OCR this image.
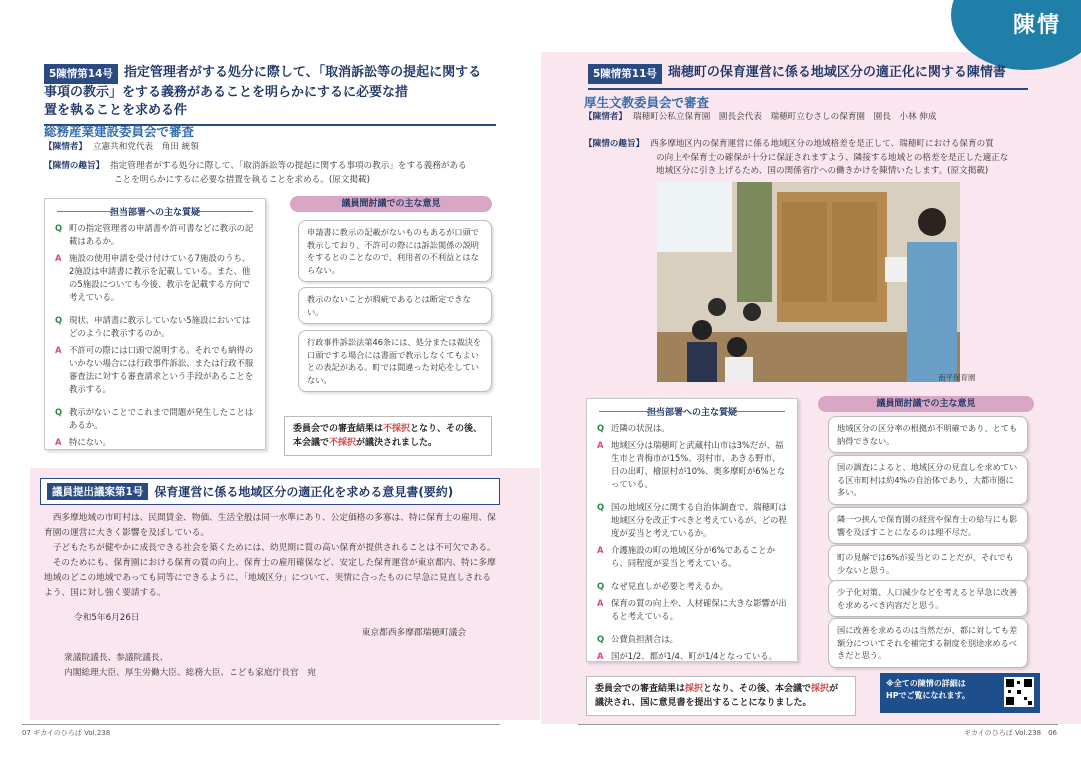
陳情
5陳情第14号 指定管理者がする処分に際して、「取消訴訟等の提起に関する
事項の教示」をする義務があることを明らかにするに必要な措
置を執ることを求める件
総務産業建設委員会で審査
【陳情者】 立憲共和党代表　角田 統領
【陳情の趣旨】 指定管理者がする処分に際して、「取消訴訟等の提起に関する事項の教示」をする義務がある
ことを明らかにするに必要な措置を執ることを求める。(原文掲載)
担当部署への主な質疑
Q 町の指定管理者の申請書や許可書などに教示の記載はあるか。
A 施設の使用申請を受け付けている7施設のうち、2施設は申請書に教示を記載している。また、他の5施設についても今後、教示を記載する方向で考えている。
Q 現状、申請書に教示していない5施設においてはどのように教示するのか。
A 不許可の際には口頭で説明する。それでも納得のいかない場合には行政事件訴訟、または行政不服審査法に対する審査請求という手段があることを教示する。
Q 教示がないことでこれまで問題が発生したことはあるか。
A 特にない。
議員間討議での主な意見
申請書に教示の記載がないものもあるが口頭で教示しており、不許可の際には訴訟関係の説明をするとのことなので、利用者の不利益とはならない。
教示のないことが瑕疵であるとは断定できない。
行政事件訴訟法第46条には、処分または裁決を口頭でする場合には書面で教示しなくてもよいとの表記がある。町では間違った対応をしていない。
委員会での審査結果は不採択となり、その後、本会議で不採択が議決されました。
議員提出議案第1号 保育運営に係る地域区分の適正化を求める意見書(要約)
　西多摩地域の市町村は、民間賃金、物価、生活全般は同一水準にあり、公定価格の多寡は、特に保育士の雇用、保育園の運営に大きく影響を及ぼしている。
　子どもたちが健やかに成長できる社会を築くためには、幼児期に質の高い保育が提供されることは不可欠である。
　そのためにも、保育園における保育の質の向上、保育士の雇用確保など、安定した保育運営が東京都内、特に多摩地域のどこの地域であっても同等にできるように、「地域区分」について、実情に合ったものに早急に見直しされるよう、国に対し強く要請する。
令和5年6月26日
東京都西多摩郡瑞穂町議会
衆議院議長、参議院議長、
内閣総理大臣、厚生労働大臣、総務大臣、こども家庭庁長官　宛
5陳情第11号 瑞穂町の保育運営に係る地域区分の適正化に関する陳情書
厚生文教委員会で審査
【陳情者】 瑞穂町公私立保育園　園長会代表　瑞穂町立むさしの保育園　園長　小林 伸成
【陳情の趣旨】 西多摩地区内の保育運営に係る地域区分の地域格差を是正して、瑞穂町における保育の質
の向上や保育士の確保が十分に保証されますよう、隣接する地域との格差を是正した適正な
地域区分に引き上げるため、国の関係省庁への働きかけを陳情いたします。(原文掲載)
南平保育園
担当部署への主な質疑
Q 近隣の状況は。
A 地域区分は瑞穂町と武蔵村山市は3%だが、福生市と青梅市が15%、羽村市、あきる野市、日の出町、檜原村が10%、奥多摩町が6%となっている。
Q 国の地域区分に関する自治体調査で、瑞穂町は地域区分を改正すべきと考えているが、どの程度が妥当と考えているか。
A 介護施設の町の地域区分が6%であることから、同程度が妥当と考えている。
Q なぜ見直しが必要と考えるか。
A 保育の質の向上や、人材確保に大きな影響が出ると考えている。
Q 公費負担割合は。
A 国が1/2、都が1/4、町が1/4となっている。
議員間討議での主な意見
地域区分の区分率の根拠が不明確であり、とても納得できない。
国の調査によると、地域区分の見直しを求めている区市町村は約4%の自治体であり、大都市圏に多い。
隣一つ挟んで保育園の経営や保育士の給与にも影響を及ぼすことになるのは理不尽だ。
町の見解では6%が妥当とのことだが、それでも少ないと思う。
少子化対策、人口減少などを考えると早急に改善を求めるべき内容だと思う。
国に改善を求めるのは当然だが、都に対しても差額分についてそれを補完する制度を別途求めるべきだと思う。
委員会での審査結果は採択となり、その後、本会議で採択が議決され、国に意見書を提出することになりました。
※全ての陳情の詳細は
HPでご覧になれます。
07 ギカイのひろば Vol.238	ギカイのひろば Vol.238　06
